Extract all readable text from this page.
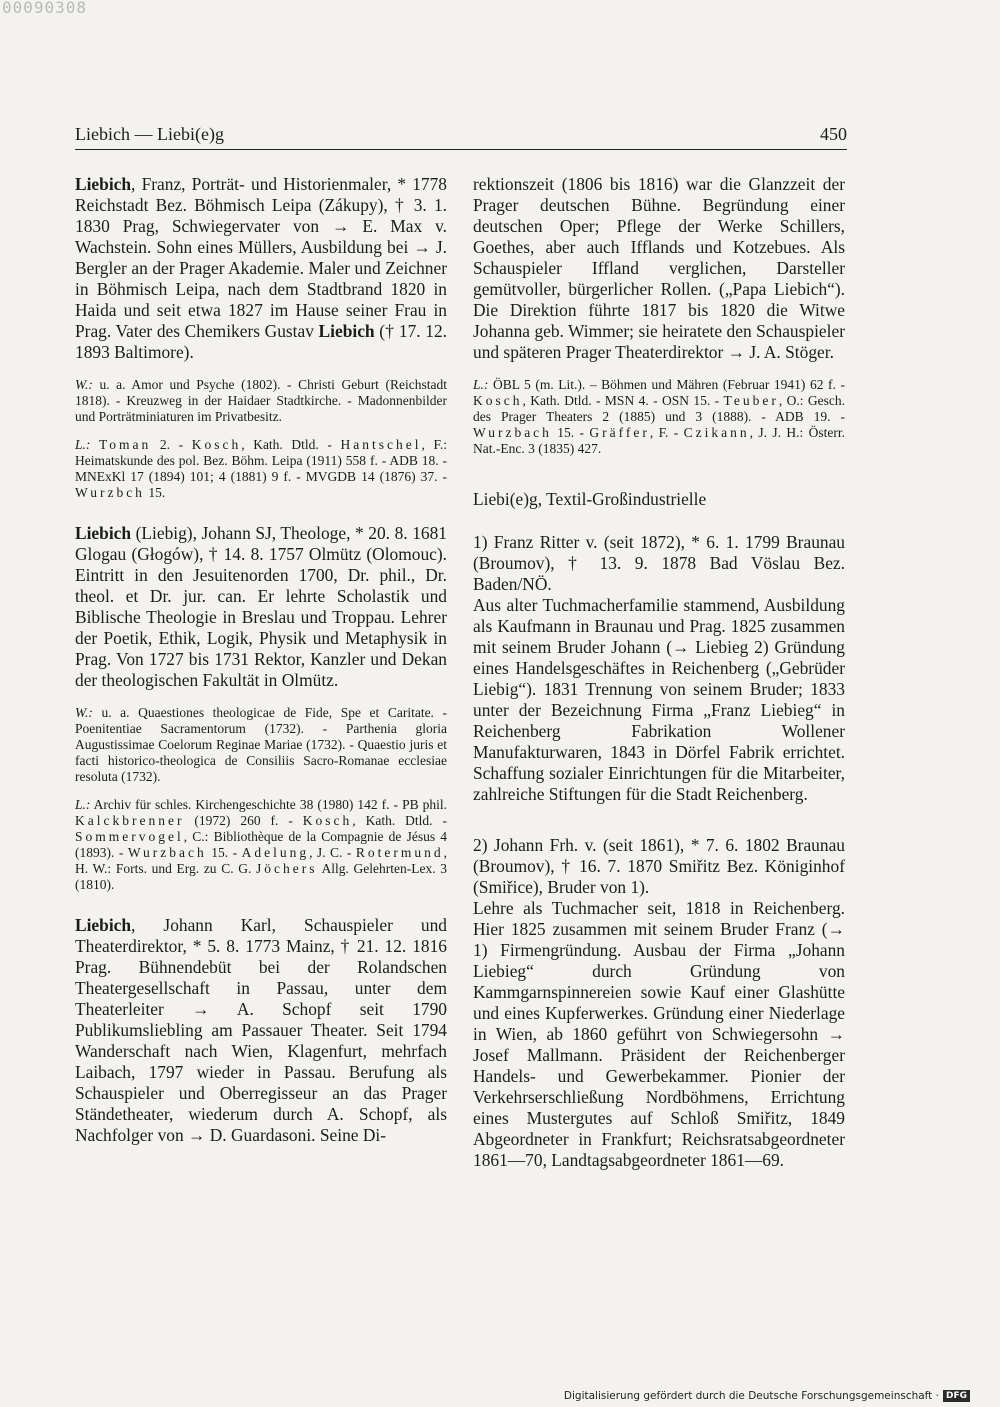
00090308
Liebich — Liebi(e)g	450
Liebich, Franz, Porträt- und Historienmaler, * 1778 Reichstadt Bez. Böhmisch Leipa (Zákupy), † 3. 1. 1830 Prag, Schwiegervater von → E. Max v. Wachstein. Sohn eines Müllers, Ausbildung bei → J. Bergler an der Prager Akademie. Maler und Zeichner in Böhmisch Leipa, nach dem Stadtbrand 1820 in Haida und seit etwa 1827 im Hause seiner Frau in Prag. Vater des Chemikers Gustav Liebich († 17. 12. 1893 Baltimore).
W.: u. a. Amor und Psyche (1802). - Christi Geburt (Reichstadt 1818). - Kreuzweg in der Haidaer Stadtkirche. - Madonnenbilder und Porträtminiaturen im Privatbesitz.
L.: Toman 2. - Kosch, Kath. Dtld. - Hantschel, F.: Heimatskunde des pol. Bez. Böhm. Leipa (1911) 558 f. - ADB 18. - MNExKl 17 (1894) 101; 4 (1881) 9 f. - MVGDB 14 (1876) 37. - Wurzbch 15.
Liebich (Liebig), Johann SJ, Theologe, * 20. 8. 1681 Glogau (Głogów), † 14. 8. 1757 Olmütz (Olomouc). Eintritt in den Jesuitenorden 1700, Dr. phil., Dr. theol. et Dr. jur. can. Er lehrte Scholastik und Biblische Theologie in Breslau und Troppau. Lehrer der Poetik, Ethik, Logik, Physik und Metaphysik in Prag. Von 1727 bis 1731 Rektor, Kanzler und Dekan der theologischen Fakultät in Olmütz.
W.: u. a. Quaestiones theologicae de Fide, Spe et Caritate. - Poenitentiae Sacramentorum (1732). - Parthenia gloria Augustissimae Coelorum Reginae Mariae (1732). - Quaestio juris et facti historico-theologica de Consiliis Sacro-Romanae ecclesiae resoluta (1732).
L.: Archiv für schles. Kirchengeschichte 38 (1980) 142 f. - PB phil. Kalckbrenner (1972) 260 f. - Kosch, Kath. Dtld. - Sommervogel, C.: Bibliothèque de la Compagnie de Jésus 4 (1893). - Wurzbach 15. - Adelung, J. C. - Rotermund, H. W.: Forts. und Erg. zu C. G. Jöchers Allg. Gelehrten-Lex. 3 (1810).
Liebich, Johann Karl, Schauspieler und Theaterdirektor, * 5. 8. 1773 Mainz, † 21. 12. 1816 Prag. Bühnendebüt bei der Rolandschen Theatergesellschaft in Passau, unter dem Theaterleiter → A. Schopf seit 1790 Publikumsliebling am Passauer Theater. Seit 1794 Wanderschaft nach Wien, Klagenfurt, mehrfach Laibach, 1797 wieder in Passau. Berufung als Schauspieler und Oberregisseur an das Prager Ständetheater, wiederum durch A. Schopf, als Nachfolger von → D. Guardasoni. Seine Di-
rektionszeit (1806 bis 1816) war die Glanzzeit der Prager deutschen Bühne. Begründung einer deutschen Oper; Pflege der Werke Schillers, Goethes, aber auch Ifflands und Kotzebues. Als Schauspieler Iffland verglichen, Darsteller gemütvoller, bürgerlicher Rollen. („Papa Liebich“). Die Direktion führte 1817 bis 1820 die Witwe Johanna geb. Wimmer; sie heiratete den Schauspieler und späteren Prager Theaterdirektor → J. A. Stöger.
L.: ÖBL 5 (m. Lit.). – Böhmen und Mähren (Februar 1941) 62 f. - Kosch, Kath. Dtld. - MSN 4. - OSN 15. - Teuber, O.: Gesch. des Prager Theaters 2 (1885) und 3 (1888). - ADB 19. - Wurzbach 15. - Gräffer, F. - Czikann, J. J. H.: Österr. Nat.-Enc. 3 (1835) 427.
Liebi(e)g, Textil-Großindustrielle
1) Franz Ritter v. (seit 1872), * 6. 1. 1799 Braunau (Broumov), † 13. 9. 1878 Bad Vöslau Bez. Baden/NÖ.
Aus alter Tuchmacherfamilie stammend, Ausbildung als Kaufmann in Braunau und Prag. 1825 zusammen mit seinem Bruder Johann (→ Liebieg 2) Gründung eines Handelsgeschäftes in Reichenberg („Gebrüder Liebig“). 1831 Trennung von seinem Bruder; 1833 unter der Bezeichnung Firma „Franz Liebieg“ in Reichenberg Fabrikation Wollener Manufakturwaren, 1843 in Dörfel Fabrik errichtet. Schaffung sozialer Einrichtungen für die Mitarbeiter, zahlreiche Stiftungen für die Stadt Reichenberg.
2) Johann Frh. v. (seit 1861), * 7. 6. 1802 Braunau (Broumov), † 16. 7. 1870 Smiřitz Bez. Königinhof (Smiřice), Bruder von 1).
Lehre als Tuchmacher seit, 1818 in Reichenberg. Hier 1825 zusammen mit seinem Bruder Franz (→ 1) Firmengründung. Ausbau der Firma „Johann Liebieg“ durch Gründung von Kammgarnspinnereien sowie Kauf einer Glashütte und eines Kupferwerkes. Gründung einer Niederlage in Wien, ab 1860 geführt von Schwiegersohn → Josef Mallmann. Präsident der Reichenberger Handels- und Gewerbekammer. Pionier der Verkehrserschließung Nordböhmens, Errichtung eines Mustergutes auf Schloß Smiřitz, 1849 Abgeordneter in Frankfurt; Reichsratsabgeordneter 1861—70, Landtagsabgeordneter 1861—69.
Digitalisierung gefördert durch die Deutsche Forschungsgemeinschaft · DFG
